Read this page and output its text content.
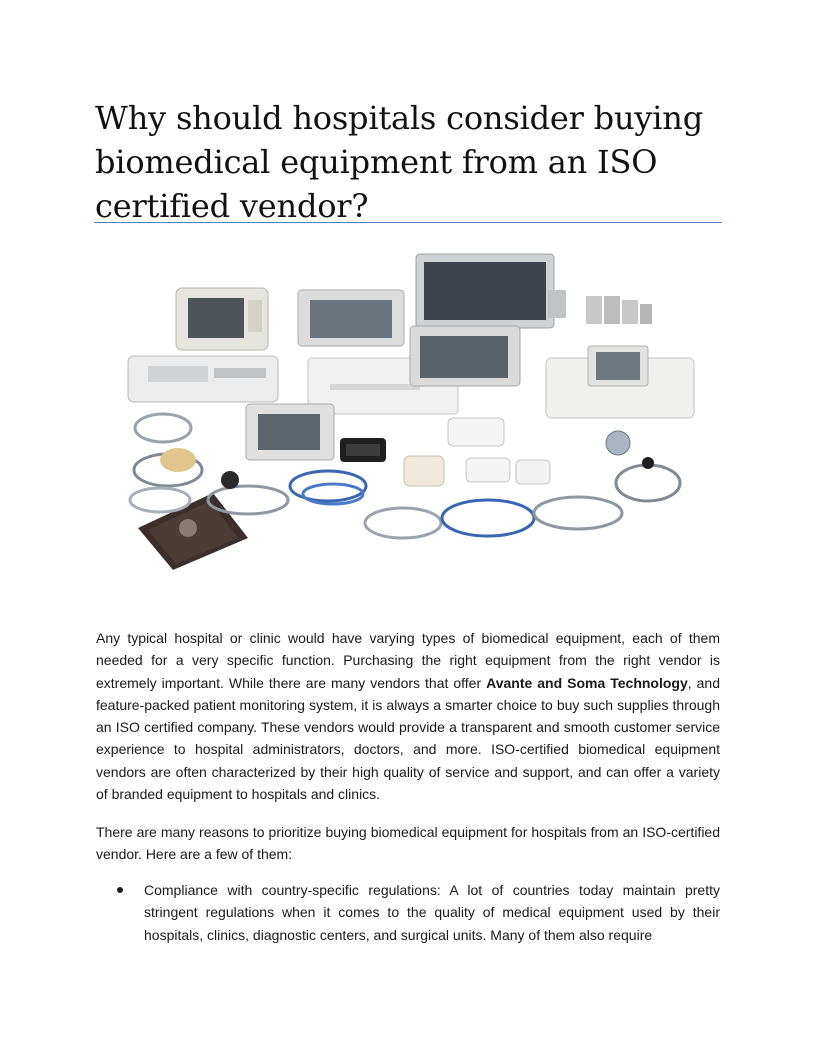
Why should hospitals consider buying biomedical equipment from an ISO certified vendor?

Any typical hospital or clinic would have varying types of biomedical equipment, each of them needed for a very specific function. Purchasing the right equipment from the right vendor is extremely important. While there are many vendors that offer Avante and Soma Technology, and feature-packed patient monitoring system, it is always a smarter choice to buy such supplies through an ISO certified company. These vendors would provide a transparent and smooth customer service experience to hospital administrators, doctors, and more. ISO-certified biomedical equipment vendors are often characterized by their high quality of service and support, and can offer a variety of branded equipment to hospitals and clinics.

There are many reasons to prioritize buying biomedical equipment for hospitals from an ISO-certified vendor. Here are a few of them:

Compliance with country-specific regulations: A lot of countries today maintain pretty stringent regulations when it comes to the quality of medical equipment used by their hospitals, clinics, diagnostic centers, and surgical units. Many of them also require
